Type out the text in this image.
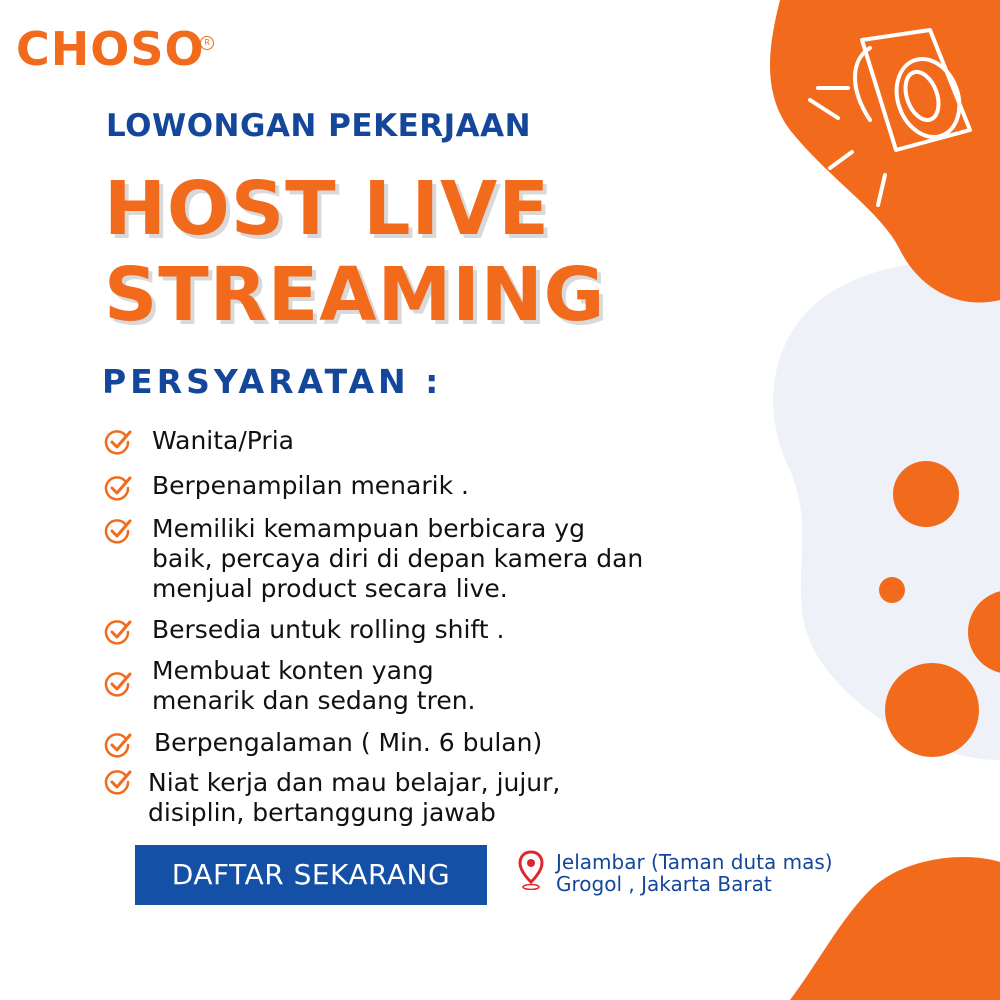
CHOSO R
LOWONGAN PEKERJAAN
HOST LIVE
STREAMING
PERSYARATAN :
Wanita/Pria
Berpenampilan menarik .
Memiliki kemampuan berbicara yg
baik, percaya diri di depan kamera dan
menjual product secara live.
Bersedia untuk rolling shift .
Membuat konten yang
menarik dan sedang tren.
Berpengalaman ( Min. 6 bulan)
Niat kerja dan mau belajar, jujur,
disiplin, bertanggung jawab
DAFTAR SEKARANG	Jelambar (Taman duta mas)
Grogol , Jakarta Barat
